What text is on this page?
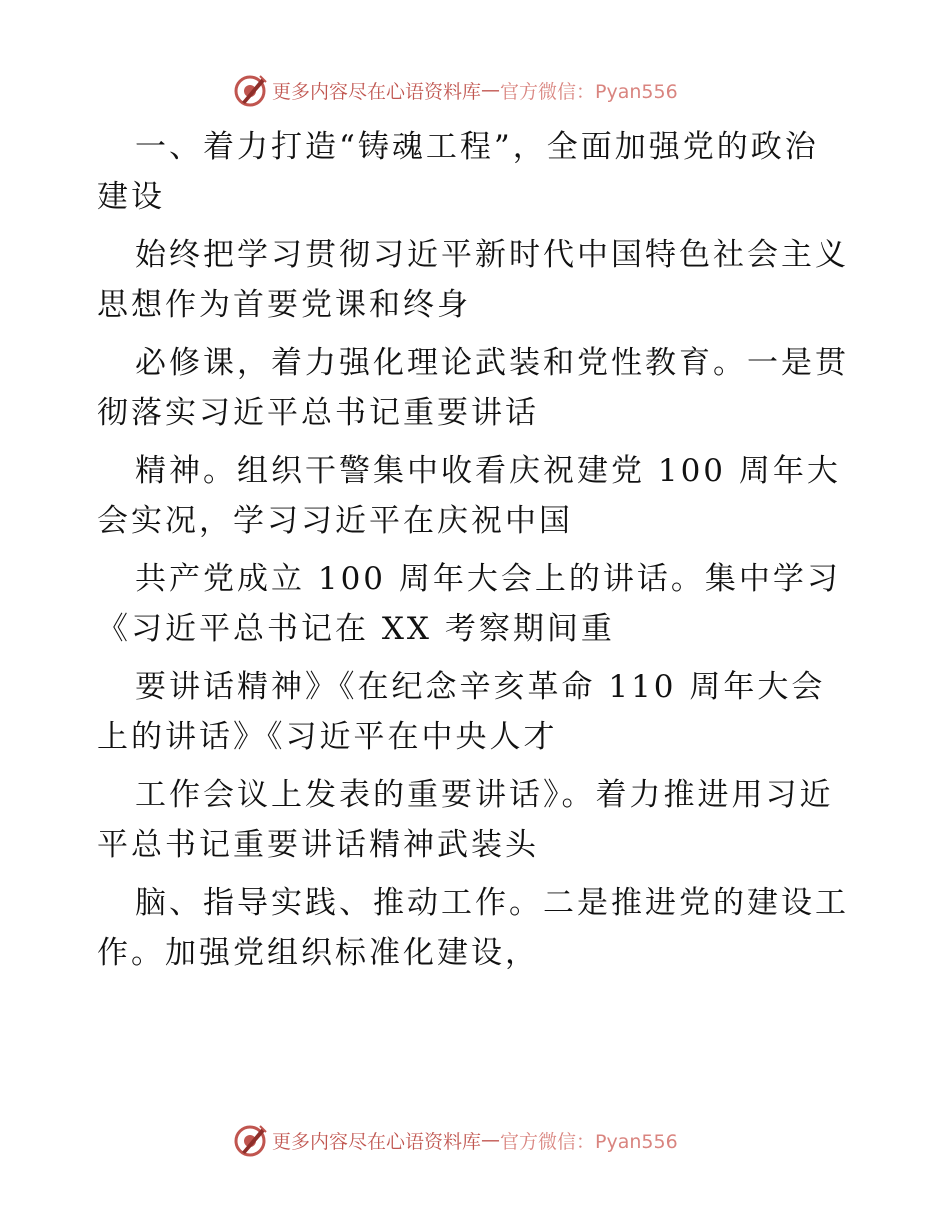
更多内容尽在心语资料库 — 官方微信：Pyan556
一、着力打造“铸魂工程”，全面加强党的政治
建设
始终把学习贯彻习近平新时代中国特色社会主义
思想作为首要党课和终身
必修课，着力强化理论武装和党性教育。一是贯
彻落实习近平总书记重要讲话
精神。组织干警集中收看庆祝建党 100 周年大
会实况，学习习近平在庆祝中国
共产党成立 100 周年大会上的讲话。集中学习
《习近平总书记在 XX 考察期间重
要讲话精神》《在纪念辛亥革命 110 周年大会
上的讲话》《习近平在中央人才
工作会议上发表的重要讲话》。着力推进用习近
平总书记重要讲话精神武装头
脑、指导实践、推动工作。二是推进党的建设工
作。加强党组织标准化建设，
更多内容尽在心语资料库 — 官方微信：Pyan556
